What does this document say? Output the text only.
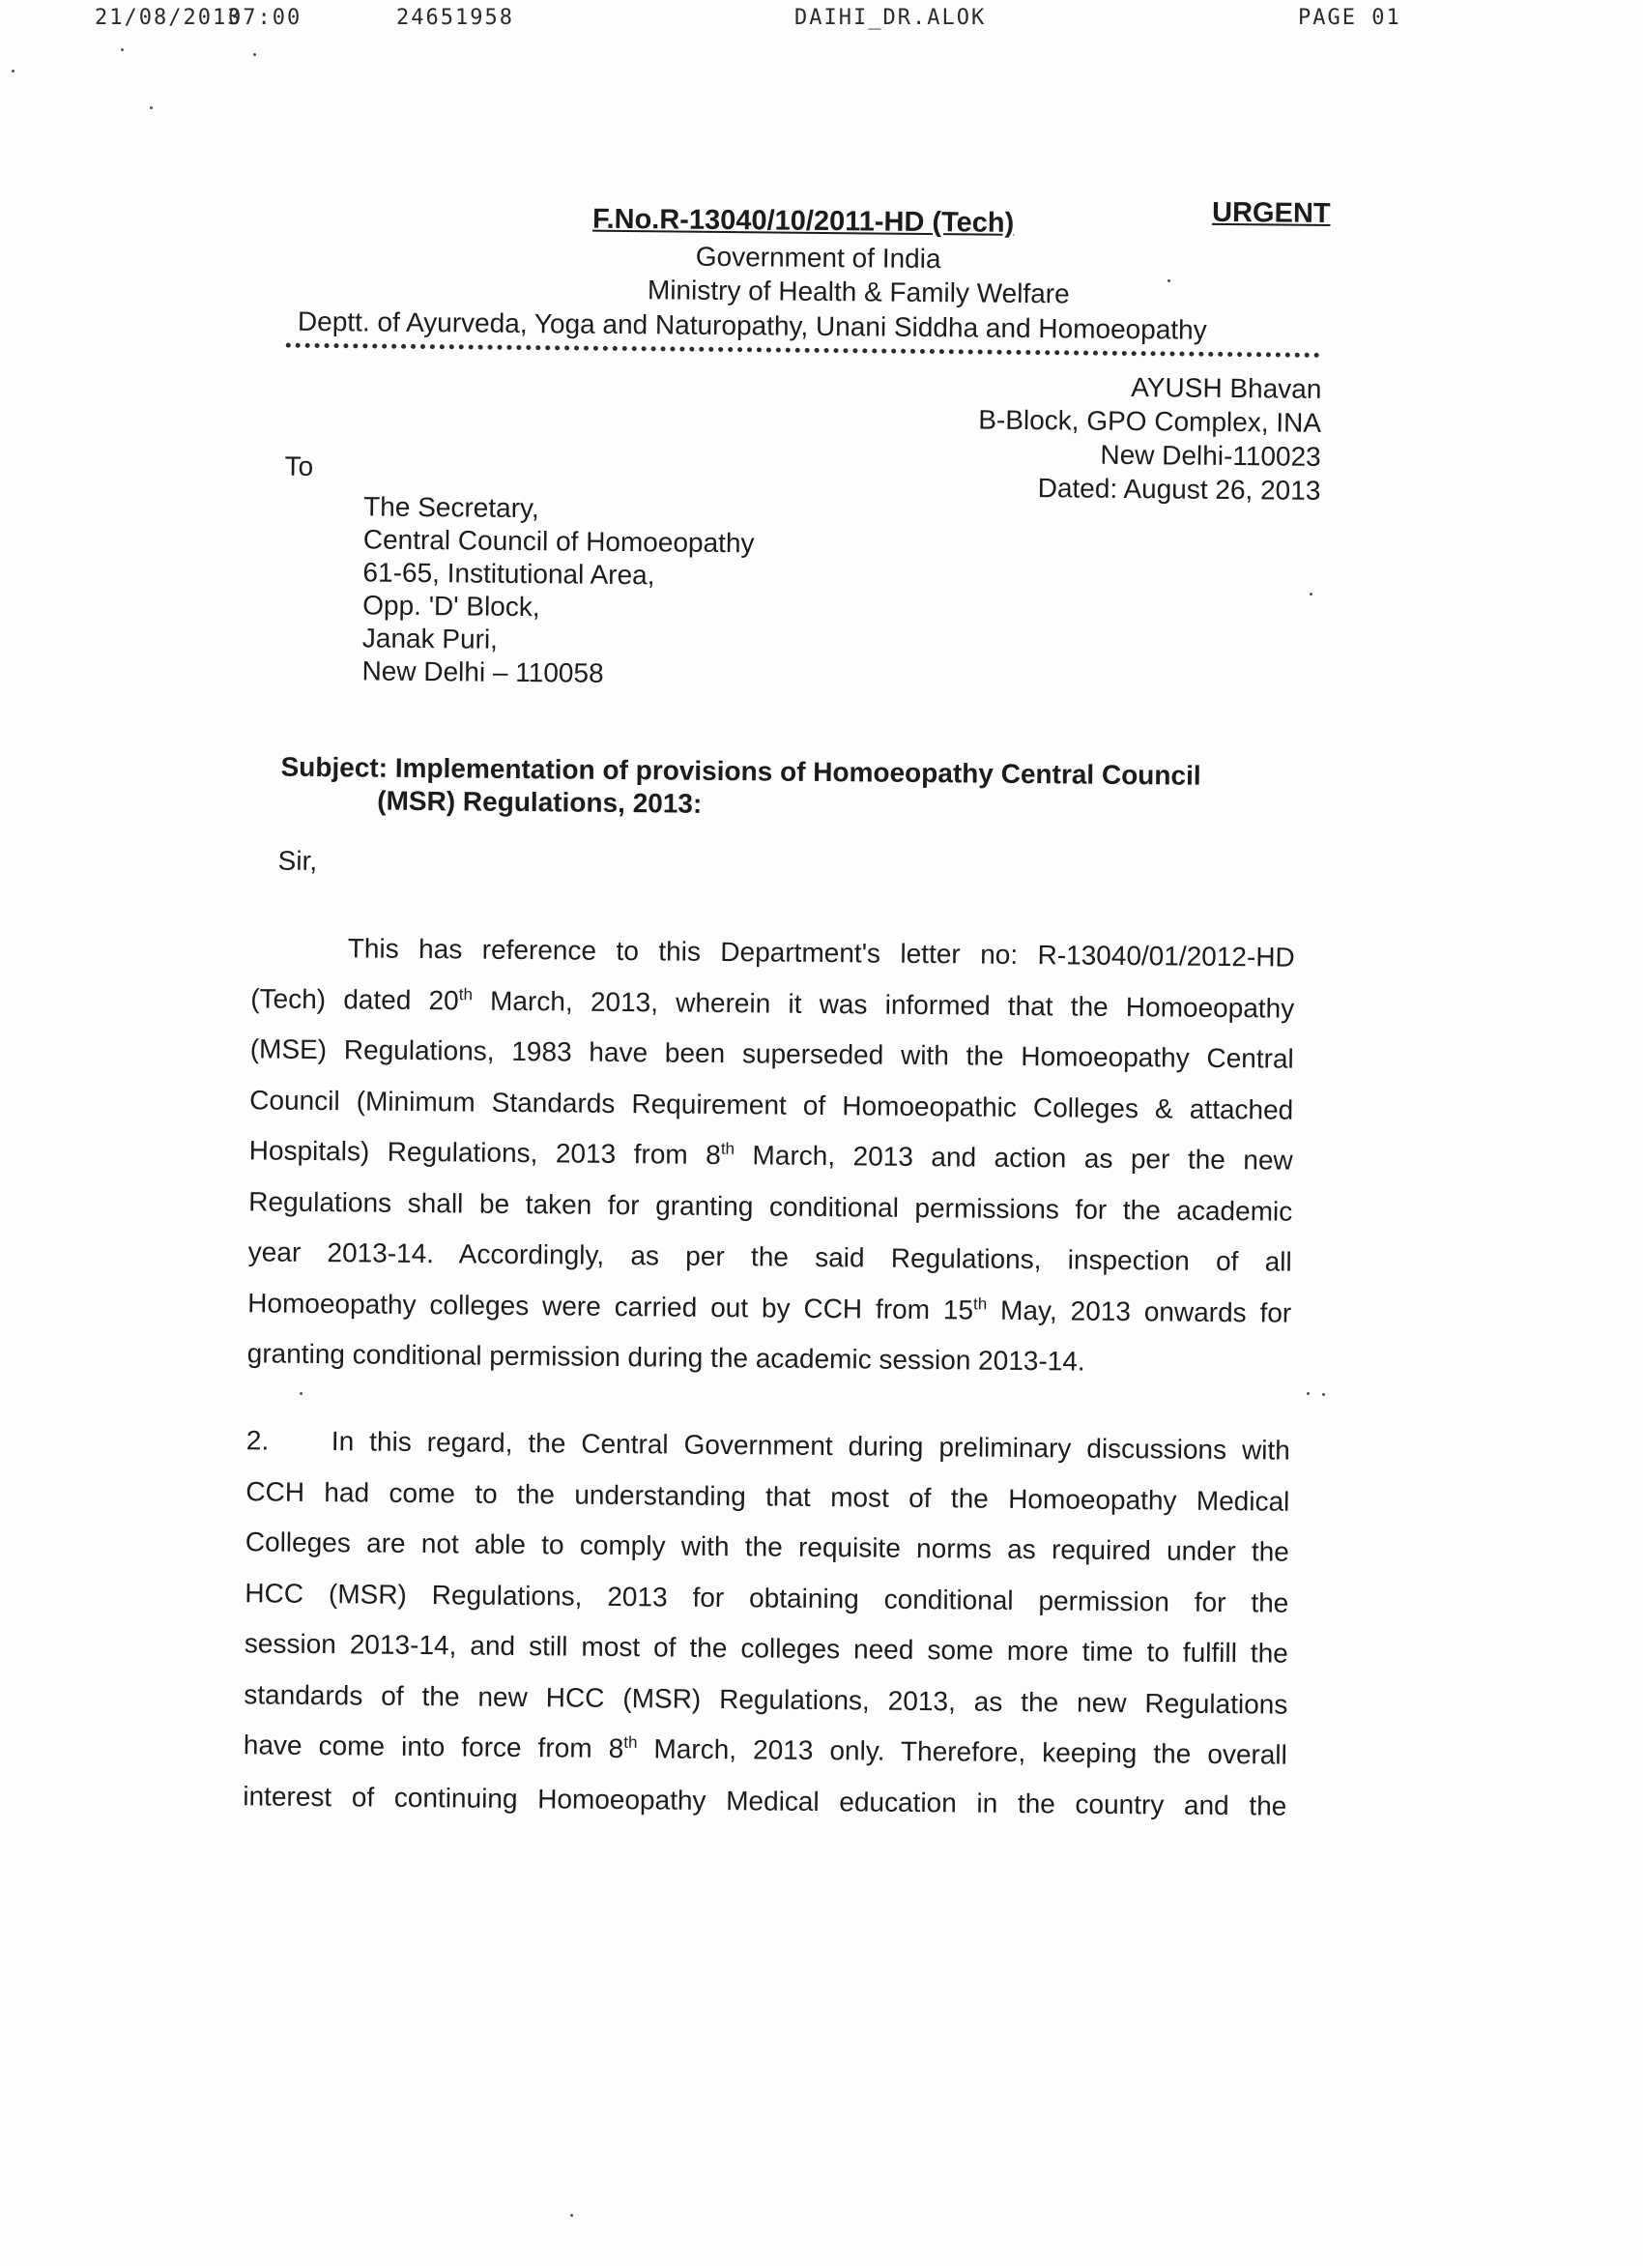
21/08/2013
07:00	24651958	DAIHI_DR.ALOK	PAGE 01
URGENT
F.No.R-13040/10/2011-HD (Tech)
Government of India
Ministry of Health & Family Welfare
Deptt. of Ayurveda, Yoga and Naturopathy, Unani Siddha and Homoeopathy
AYUSH Bhavan
B-Block, GPO Complex, INA
New Delhi-110023
Dated: August 26, 2013
To
The Secretary,
Central Council of Homoeopathy
61-65, Institutional Area,
Opp. 'D' Block,
Janak Puri,
New Delhi – 110058
Subject: Implementation of provisions of Homoeopathy Central Council
(MSR) Regulations, 2013:
Sir,
This has reference to this Department's letter no: R-13040/01/2012-HD
(Tech) dated 20th March, 2013, wherein it was informed that the Homoeopathy
(MSE) Regulations, 1983 have been superseded with the Homoeopathy Central
Council (Minimum Standards Requirement of Homoeopathic Colleges & attached
Hospitals) Regulations, 2013 from 8th March, 2013 and action as per the new
Regulations shall be taken for granting conditional permissions for the academic
year 2013-14. Accordingly, as per the said Regulations, inspection of all
Homoeopathy colleges were carried out by CCH from 15th May, 2013 onwards for
granting conditional permission during the academic session 2013-14.
2. In this regard, the Central Government during preliminary discussions with
CCH had come to the understanding that most of the Homoeopathy Medical
Colleges are not able to comply with the requisite norms as required under the
HCC (MSR) Regulations, 2013 for obtaining conditional permission for the
session 2013-14, and still most of the colleges need some more time to fulfill the
standards of the new HCC (MSR) Regulations, 2013, as the new Regulations
have come into force from 8th March, 2013 only. Therefore, keeping the overall
interest of continuing Homoeopathy Medical education in the country and the
